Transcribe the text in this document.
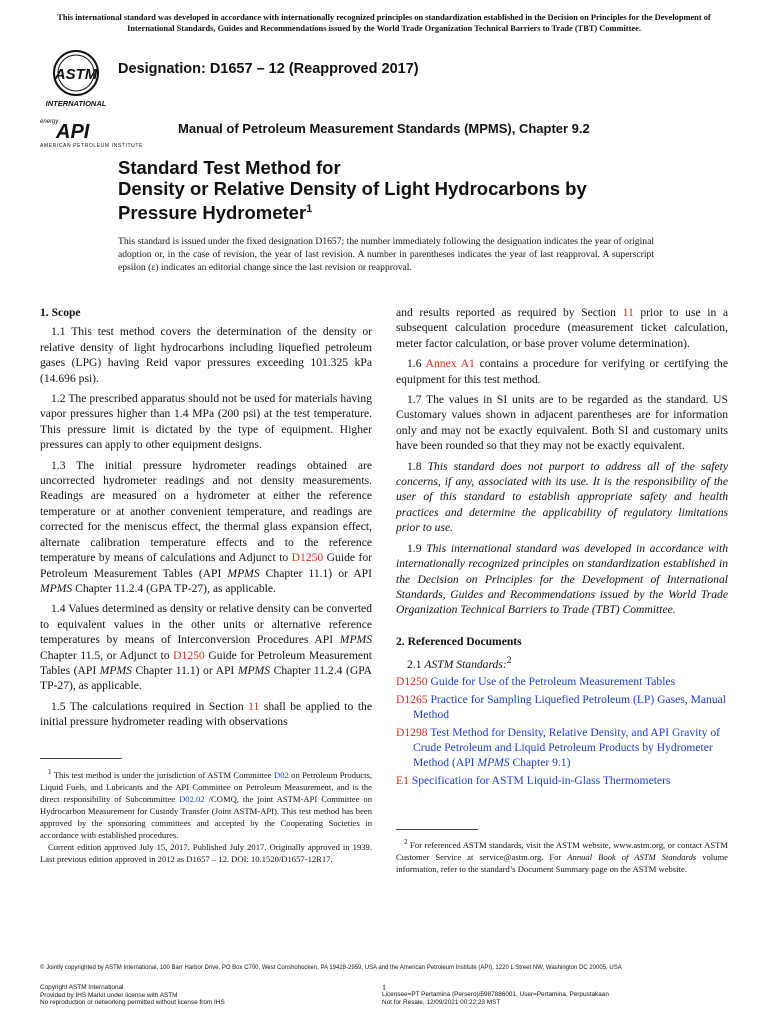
This international standard was developed in accordance with internationally recognized principles on standardization established in the Decision on Principles for the Development of International Standards, Guides and Recommendations issued by the World Trade Organization Technical Barriers to Trade (TBT) Committee.
ASTM
INTERNATIONAL
energy
API
AMERICAN PETROLEUM INSTITUTE
Designation: D1657 – 12 (Reapproved 2017)
Manual of Petroleum Measurement Standards (MPMS), Chapter 9.2
Standard Test Method for
Density or Relative Density of Light Hydrocarbons by
Pressure Hydrometer$^1$
This standard is issued under the fixed designation D1657; the number immediately following the designation indicates the year of original adoption or, in the case of revision, the year of last revision. A number in parentheses indicates the year of last reapproval. A superscript epsilon (ε) indicates an editorial change since the last revision or reapproval.
1. Scope

1.1 This test method covers the determination of the density or relative density of light hydrocarbons including liquefied petroleum gases (LPG) having Reid vapor pressures exceeding 101.325 kPa (14.696 psi).

1.2 The prescribed apparatus should not be used for materials having vapor pressures higher than 1.4 MPa (200 psi) at the test temperature. This pressure limit is dictated by the type of equipment. Higher pressures can apply to other equipment designs.

1.3 The initial pressure hydrometer readings obtained are uncorrected hydrometer readings and not density measurements. Readings are measured on a hydrometer at either the reference temperature or at another convenient temperature, and readings are corrected for the meniscus effect, the thermal glass expansion effect, alternate calibration temperature effects and to the reference temperature by means of calculations and Adjunct to D1250 Guide for Petroleum Measurement Tables (API MPMS Chapter 11.1) or API MPMS Chapter 11.2.4 (GPA TP-27), as applicable.

1.4 Values determined as density or relative density can be converted to equivalent values in the other units or alternative reference temperatures by means of Interconversion Procedures API MPMS Chapter 11.5, or Adjunct to D1250 Guide for Petroleum Measurement Tables (API MPMS Chapter 11.1) or API MPMS Chapter 11.2.4 (GPA TP-27), as applicable.

1.5 The calculations required in Section 11 shall be applied to the initial pressure hydrometer reading with observations

$^1$ This test method is under the jurisdiction of ASTM Committee D02 on Petroleum Products, Liquid Fuels, and Lubricants and the API Committee on Petroleum Measurement, and is the direct responsibility of Subcommittee D02.02 /COMQ, the joint ASTM-API Committee on Hydrocarbon Measurement for Custody Transfer (Joint ASTM-API). This test method has been approved by the sponsoring committees and accepted by the Cooperating Societies in accordance with established procedures.

Current edition approved July 15, 2017. Published July 2017. Originally approved in 1939. Last previous edition approved in 2012 as D1657 – 12. DOI: 10.1520/D1657-12R17.

and results reported as required by Section 11 prior to use in a subsequent calculation procedure (measurement ticket calculation, meter factor calculation, or base prover volume determination).

1.6 Annex A1 contains a procedure for verifying or certifying the equipment for this test method.

1.7 The values in SI units are to be regarded as the standard. US Customary values shown in adjacent parentheses are for information only and may not be exactly equivalent. Both SI and customary units have been rounded so that they may not be exactly equivalent.

1.8 This standard does not purport to address all of the safety concerns, if any, associated with its use. It is the responsibility of the user of this standard to establish appropriate safety and health practices and determine the applicability of regulatory limitations prior to use.

1.9 This international standard was developed in accordance with internationally recognized principles on standardization established in the Decision on Principles for the Development of International Standards, Guides and Recommendations issued by the World Trade Organization Technical Barriers to Trade (TBT) Committee.

2. Referenced Documents

2.1 ASTM Standards:$^2$

D1250 Guide for Use of the Petroleum Measurement Tables
D1265 Practice for Sampling Liquefied Petroleum (LP) Gases, Manual Method
D1298 Test Method for Density, Relative Density, and API Gravity of Crude Petroleum and Liquid Petroleum Products by Hydrometer Method (API MPMS Chapter 9.1)
E1 Specification for ASTM Liquid-in-Glass Thermometers

$^2$ For referenced ASTM standards, visit the ASTM website, www.astm.org, or contact ASTM Customer Service at service@astm.org. For Annual Book of ASTM Standards volume information, refer to the standard’s Document Summary page on the ASTM website.

© Jointly copyrighted by ASTM International, 100 Barr Harbor Drive, PO Box C700, West Conshohocken, PA 19428-2959, USA and the American Petroleum Institute (API), 1220 L Street NW, Washington DC 20005, USA
Copyright ASTM International
Provided by IHS Markit under license with ASTM
No reproduction or networking permitted without license from IHS
1
Licensee=PT Pertamina (Persero)/5987886001, User=Pertamina, Perpustakaan
Not for Resale, 12/09/2021 00:22:23 MST
